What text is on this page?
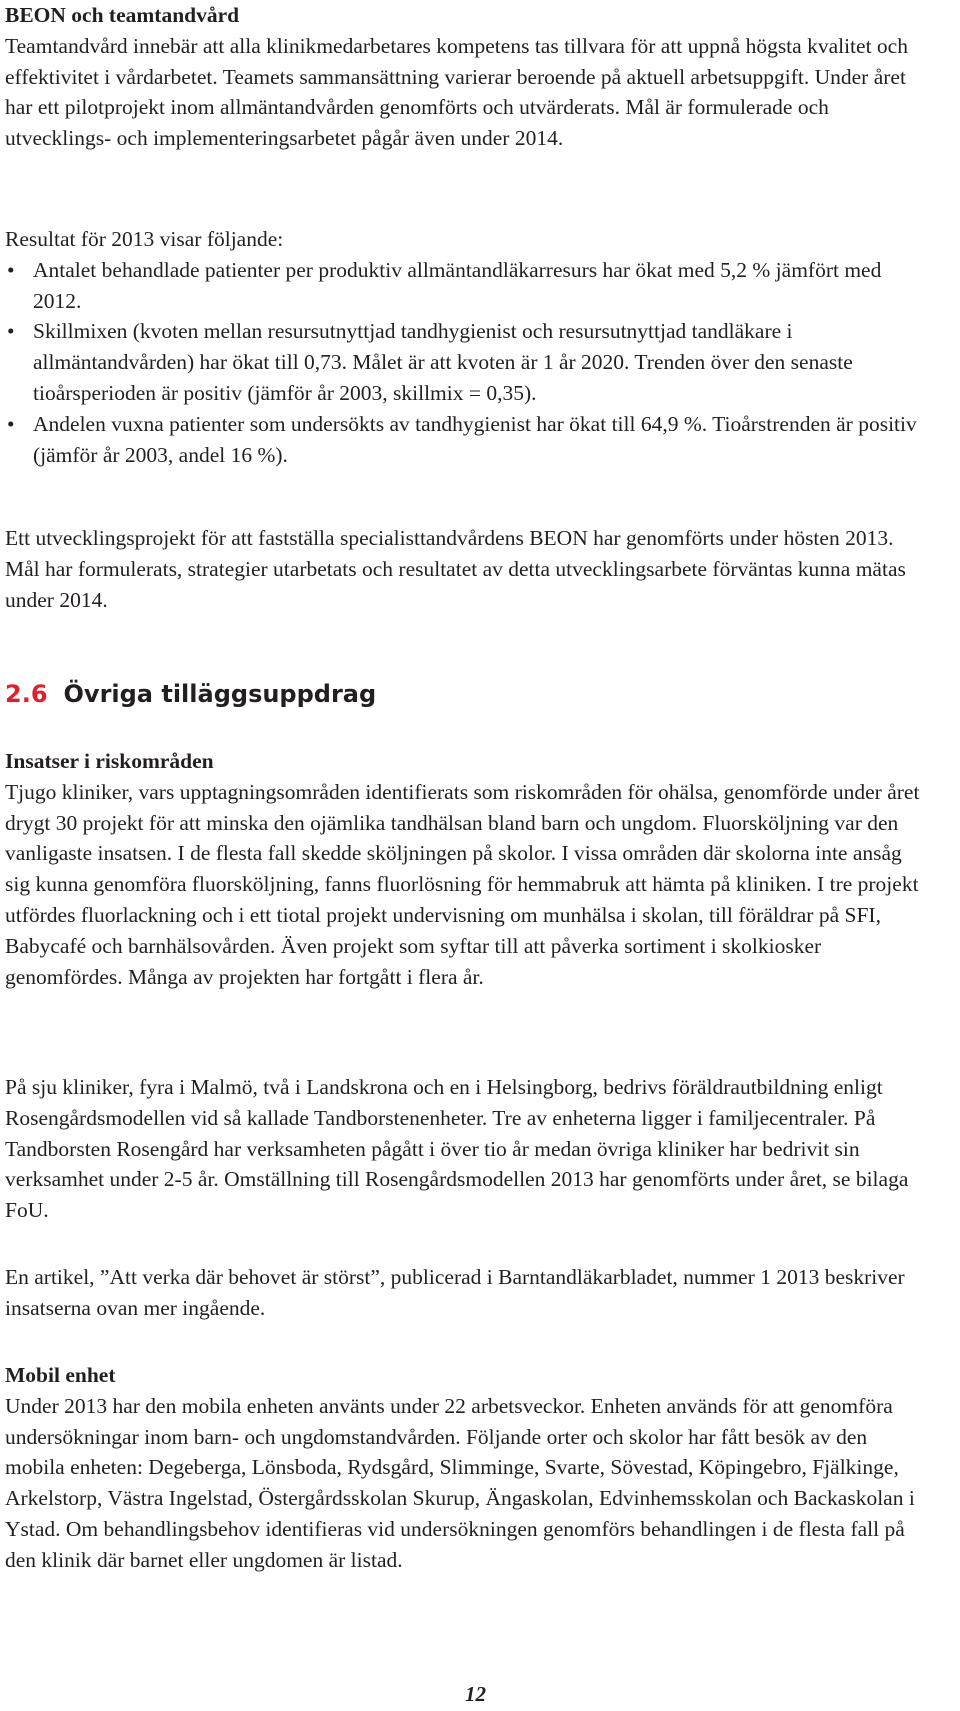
BEON och teamtandvård

Teamtandvård innebär att alla klinikmedarbetares kompetens tas tillvara för att uppnå högsta kvalitet och effektivitet i vårdarbetet. Teamets sammansättning varierar beroende på aktuell arbetsuppgift. Under året har ett pilotprojekt inom allmäntandvården genomförts och utvärderats. Mål är formulerade och utvecklings- och implementeringsarbetet pågår även under 2014.

Resultat för 2013 visar följande:

• Antalet behandlade patienter per produktiv allmäntandläkarresurs har ökat med 5,2 % jämfört med 2012.
• Skillmixen (kvoten mellan resursutnyttjad tandhygienist och resursutnyttjad tandläkare i allmäntandvården) har ökat till 0,73. Målet är att kvoten är 1 år 2020. Trenden över den senaste tioårsperioden är positiv (jämför år 2003, skillmix = 0,35).
• Andelen vuxna patienter som undersökts av tandhygienist har ökat till 64,9 %. Tioårstrenden är positiv (jämför år 2003, andel 16 %).

Ett utvecklingsprojekt för att fastställa specialisttandvårdens BEON har genomförts under hösten 2013. Mål har formulerats, strategier utarbetats och resultatet av detta utvecklingsarbete förväntas kunna mätas under 2014.

2.6 Övriga tilläggsuppdrag
Insatser i riskområden

Tjugo kliniker, vars upptagningsområden identifierats som riskområden för ohälsa, genomförde under året drygt 30 projekt för att minska den ojämlika tandhälsan bland barn och ungdom. Fluorsköljning var den vanligaste insatsen. I de flesta fall skedde sköljningen på skolor. I vissa områden där skolorna inte ansåg sig kunna genomföra fluorsköljning, fanns fluorlösning för hemmabruk att hämta på kliniken. I tre projekt utfördes fluorlackning och i ett tiotal projekt undervisning om munhälsa i skolan, till föräldrar på SFI, Babycafé och barnhälsovården. Även projekt som syftar till att påverka sortiment i skolkiosker genomfördes. Många av projekten har fortgått i flera år.

På sju kliniker, fyra i Malmö, två i Landskrona och en i Helsingborg, bedrivs föräldrautbildning enligt Rosengårdsmodellen vid så kallade Tandborstenenheter. Tre av enheterna ligger i familjecentraler. På Tandborsten Rosengård har verksamheten pågått i över tio år medan övriga kliniker har bedrivit sin verksamhet under 2-5 år. Omställning till Rosengårdsmodellen 2013 har genomförts under året, se bilaga FoU.

En artikel, ”Att verka där behovet är störst”, publicerad i Barntandläkarbladet, nummer 1 2013 beskriver insatserna ovan mer ingående.

Mobil enhet

Under 2013 har den mobila enheten använts under 22 arbetsveckor. Enheten används för att genomföra undersökningar inom barn- och ungdomstandvården. Följande orter och skolor har fått besök av den mobila enheten: Degeberga, Lönsboda, Rydsgård, Slimminge, Svarte, Sövestad, Köpingebro, Fjälkinge, Arkelstorp, Västra Ingelstad, Östergårdsskolan Skurup, Ängaskolan, Edvinhemsskolan och Backaskolan i Ystad. Om behandlingsbehov identifieras vid undersökningen genomförs behandlingen i de flesta fall på den klinik där barnet eller ungdomen är listad.

12
